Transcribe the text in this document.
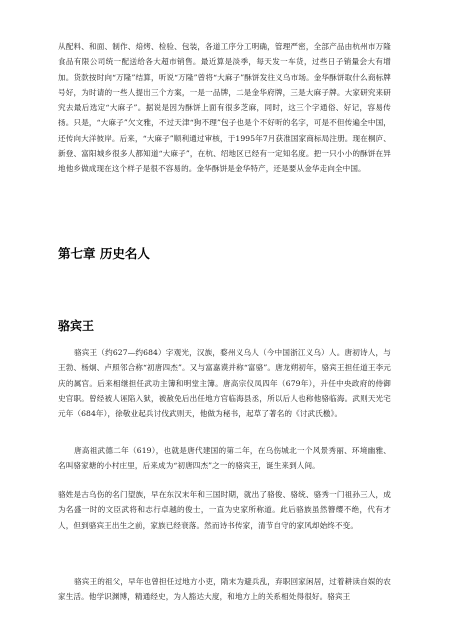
从配料、和面、制作、焙烤、检验、包装，各道工序分工明确，管理严密，全部产品由杭州市万隆食品有限公司统一配送给各大超市销售。最近算是淡季，每天发一车货，过些日子销量会大有增加。货款按时向“万隆”结算，听说“万隆”曾将“大麻子”酥饼发往义乌市场。金华酥饼取什么商标牌号好，为时请的一些人提出三个方案，一是一品牌，二是金华府牌，三是大麻子牌。大家研究来研究去最后选定“大麻子”。据说是因为酥饼上面有很多芝麻，同时，这三个字通俗、好记，容易传扬。只是，“大麻子”欠文雅，不过天津“狗不理”包子也是个不好听的名字，可是不但传遍全中国，还传向大洋彼岸。后来，“大麻子”顺利通过审核，于1995年7月获准国家商标局注册。现在桐庐、新登、富阳城乡很多人都知道“大麻子”，在杭、绍地区已经有一定知名度。把一只小小的酥饼在异地他乡做成现在这个样子是很不容易的。金华酥饼是金华特产，还是要从金华走向全中国。

第七章 历史名人
骆宾王

骆宾王（约627—约684）字观光，汉族，婺州义乌人（今中国浙江义乌）人。唐初诗人，与王勃、杨炯、卢照邻合称“初唐四杰”。又与富嘉谟并称“富骆”。唐龙朔初年，骆宾王担任道王李元庆的属官。后来相继担任武功主簿和明堂主簿。唐高宗仪凤四年（679年），升任中央政府的侍御史官职。曾经被人诬陷入狱，被赦免后出任地方官临海县丞，所以后人也称他骆临海。武则天光宅元年（684年），徐敬业起兵讨伐武则天，他做为秘书，起草了著名的《讨武氏檄》。

唐高祖武德二年（619），也就是唐代建国的第二年，在乌伤城北一个风景秀丽、环境幽雅、名叫骆家塘的小村庄里，后来成为“初唐四杰”之一的骆宾王，诞生来到人间。

骆姓是古乌伤的名门望族，早在东汉末年和三国时期，就出了骆俊、骆统、骆秀一门祖孙三人，成为名盛一时的文臣武将和志行卓越的俊士，一直为史家所称道。此后骆族虽然簪缨不绝，代有才人，但到骆宾王出生之前，家族已经衰落。然而诗书传家，清节自守的家风却始终不变。

骆宾王的祖父，早年也曾担任过地方小吏，隋末为避兵乱，弃职回家闲居，过着耕读自娱的农家生活。他学识渊博，精通经史，为人豁达大度，和地方上的关系相处得很好。骆宾王
